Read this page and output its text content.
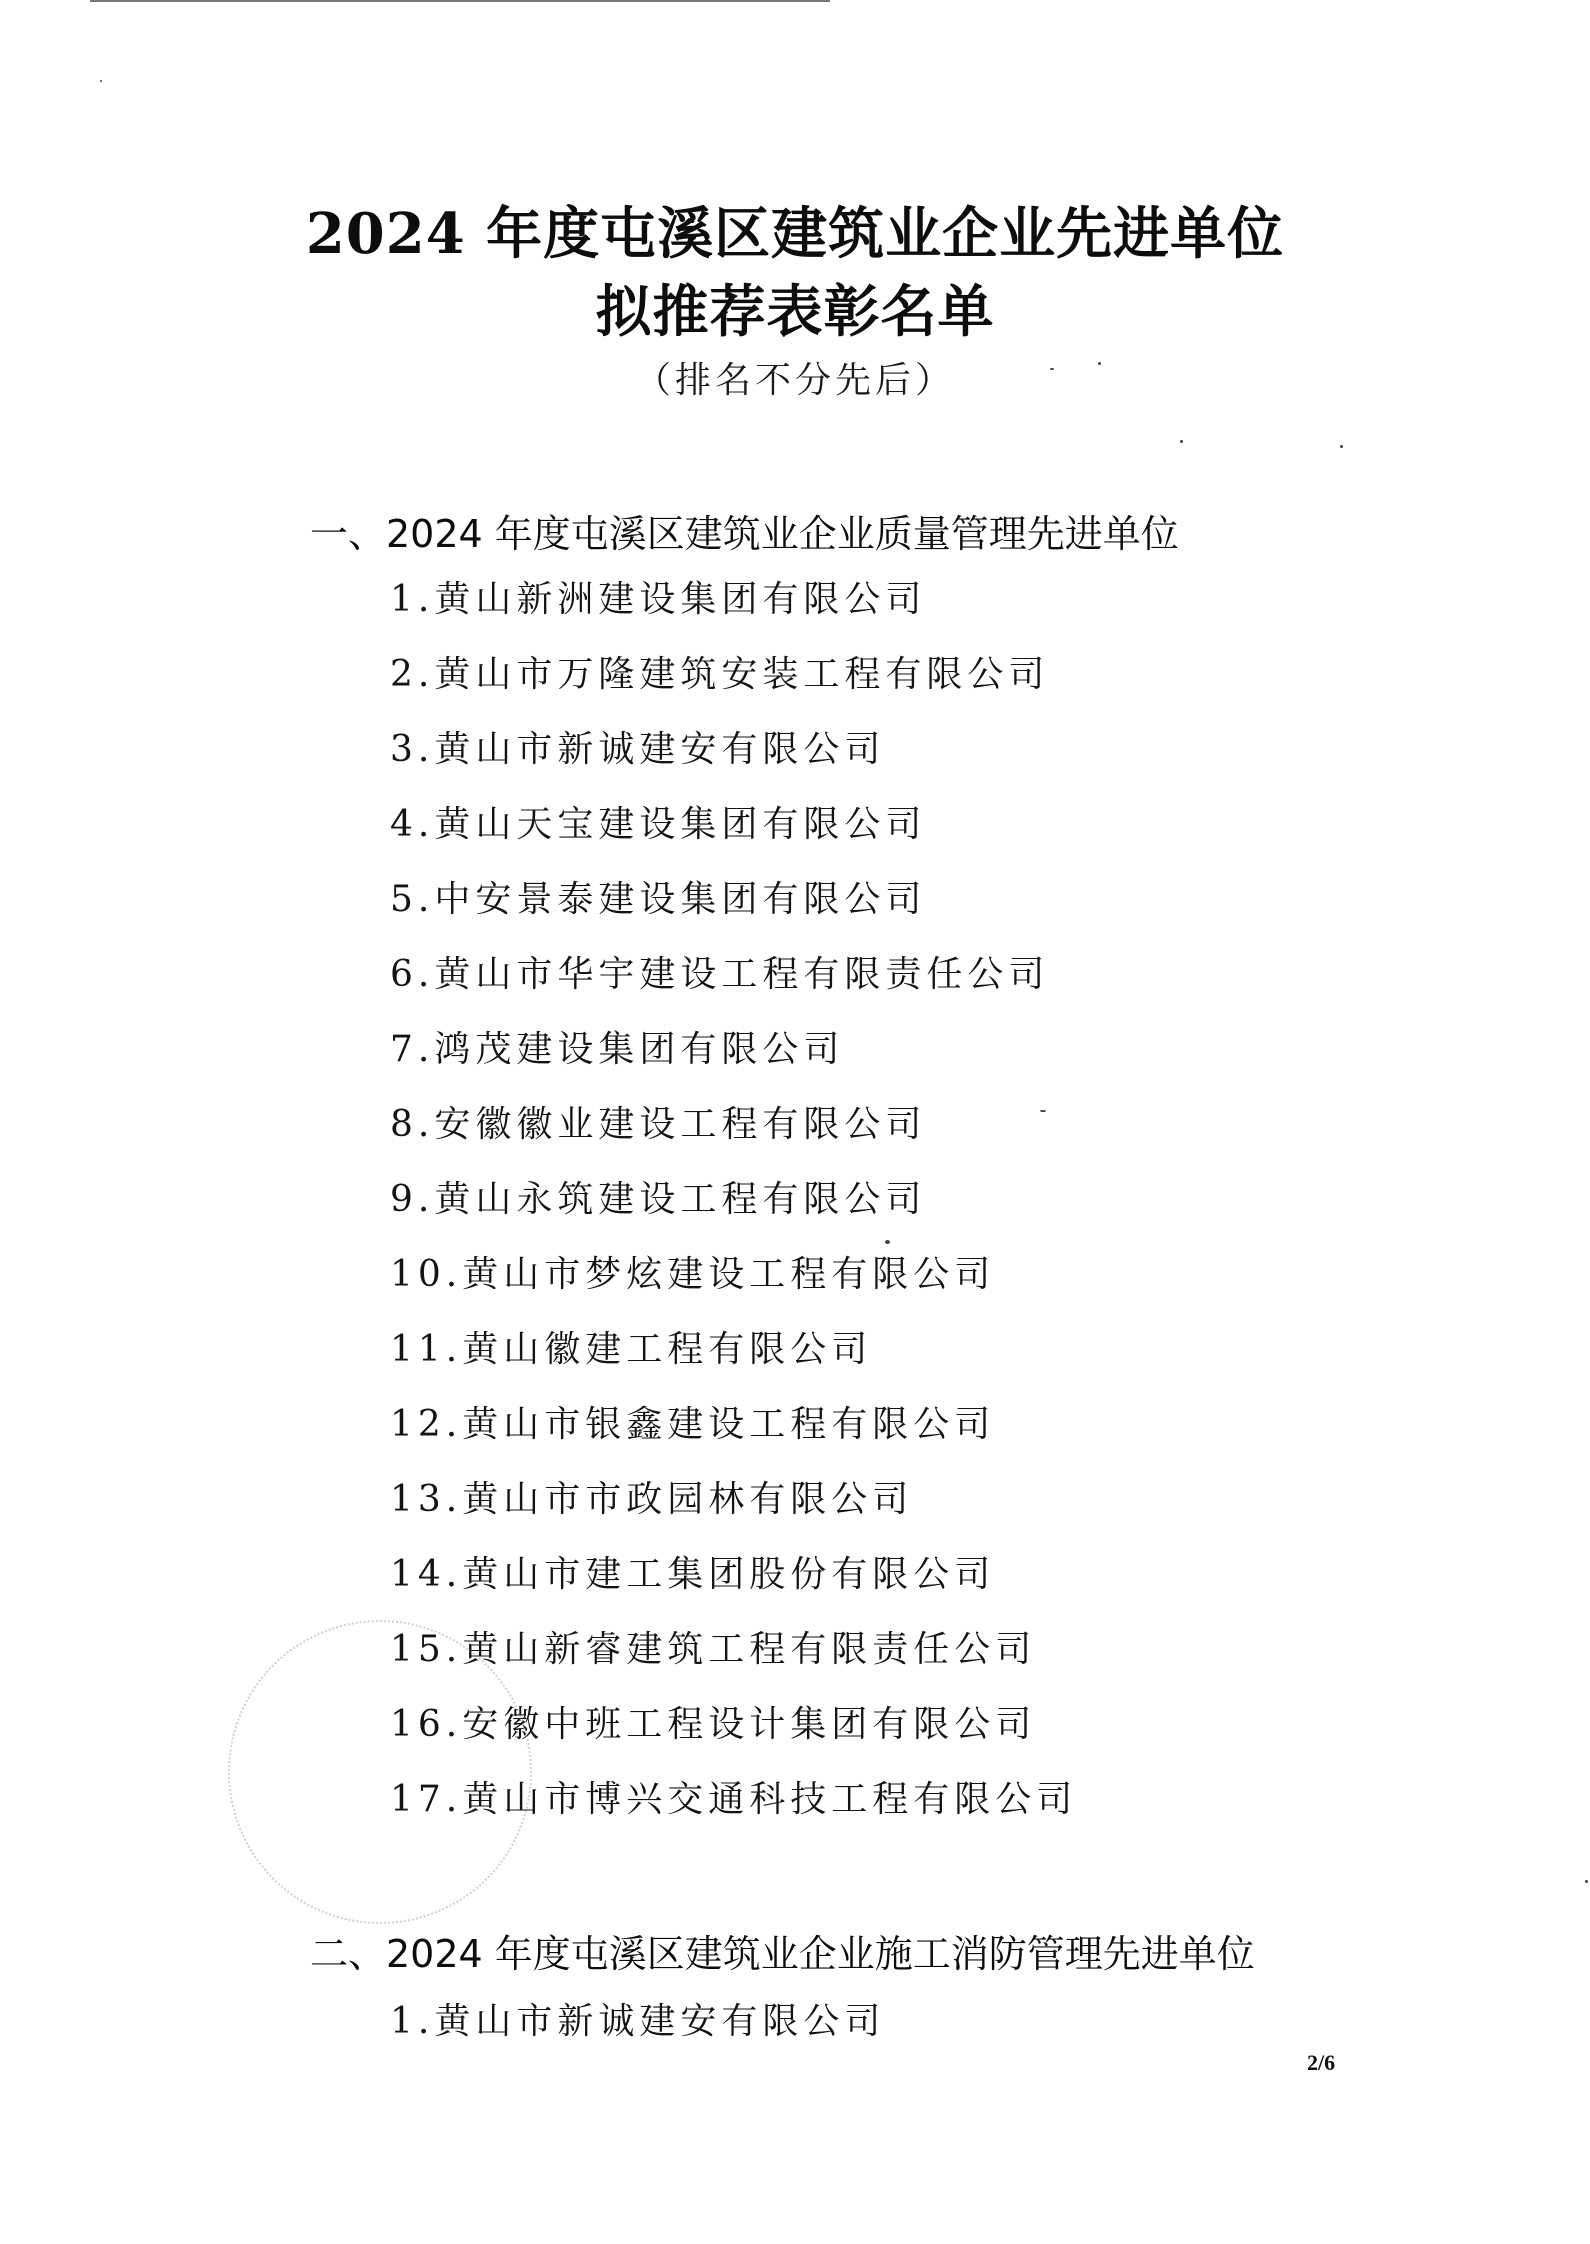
2024 年度屯溪区建筑业企业先进单位
拟推荐表彰名单
（排名不分先后）
一、2024 年度屯溪区建筑业企业质量管理先进单位
1.黄山新洲建设集团有限公司
2.黄山市万隆建筑安装工程有限公司
3.黄山市新诚建安有限公司
4.黄山天宝建设集团有限公司
5.中安景泰建设集团有限公司
6.黄山市华宇建设工程有限责任公司
7.鸿茂建设集团有限公司
8.安徽徽业建设工程有限公司
9.黄山永筑建设工程有限公司
10.黄山市梦炫建设工程有限公司
11.黄山徽建工程有限公司
12.黄山市银鑫建设工程有限公司
13.黄山市市政园林有限公司
14.黄山市建工集团股份有限公司
15.黄山新睿建筑工程有限责任公司
16.安徽中班工程设计集团有限公司
17.黄山市博兴交通科技工程有限公司
二、2024 年度屯溪区建筑业企业施工消防管理先进单位
1.黄山市新诚建安有限公司
2/6
